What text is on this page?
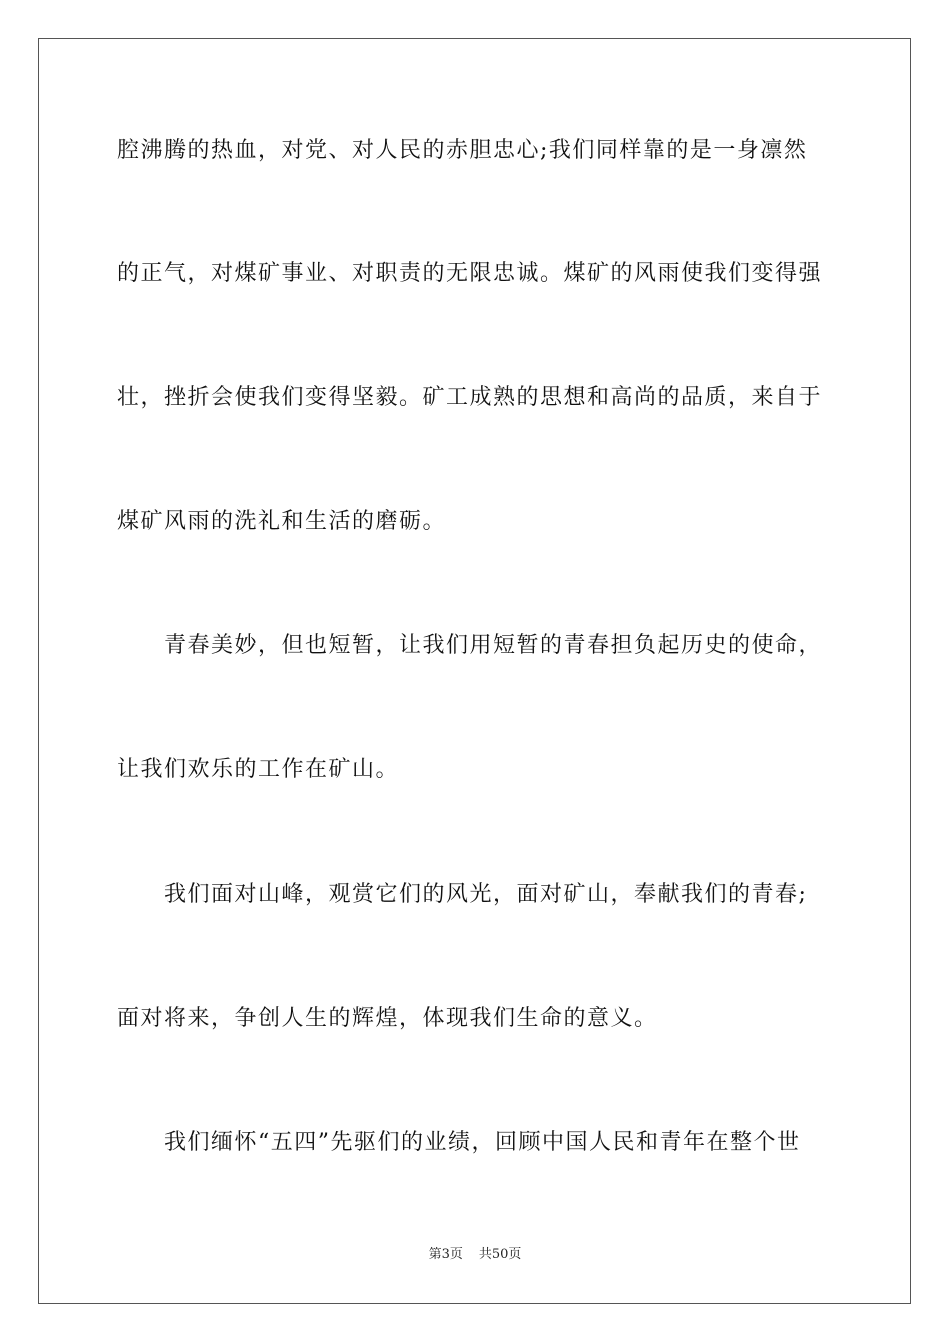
腔沸腾的热血，对党、对人民的赤胆忠心;我们同样靠的是一身凛然

的正气，对煤矿事业、对职责的无限忠诚。煤矿的风雨使我们变得强

壮，挫折会使我们变得坚毅。矿工成熟的思想和高尚的品质，来自于

煤矿风雨的洗礼和生活的磨砺。

青春美妙，但也短暂，让我们用短暂的青春担负起历史的使命，

让我们欢乐的工作在矿山。

我们面对山峰，观赏它们的风光，面对矿山，奉献我们的青春;

面对将来，争创人生的辉煌，体现我们生命的意义。

我们缅怀“五四”先驱们的业绩，回顾中国人民和青年在整个世

第3页 共50页
